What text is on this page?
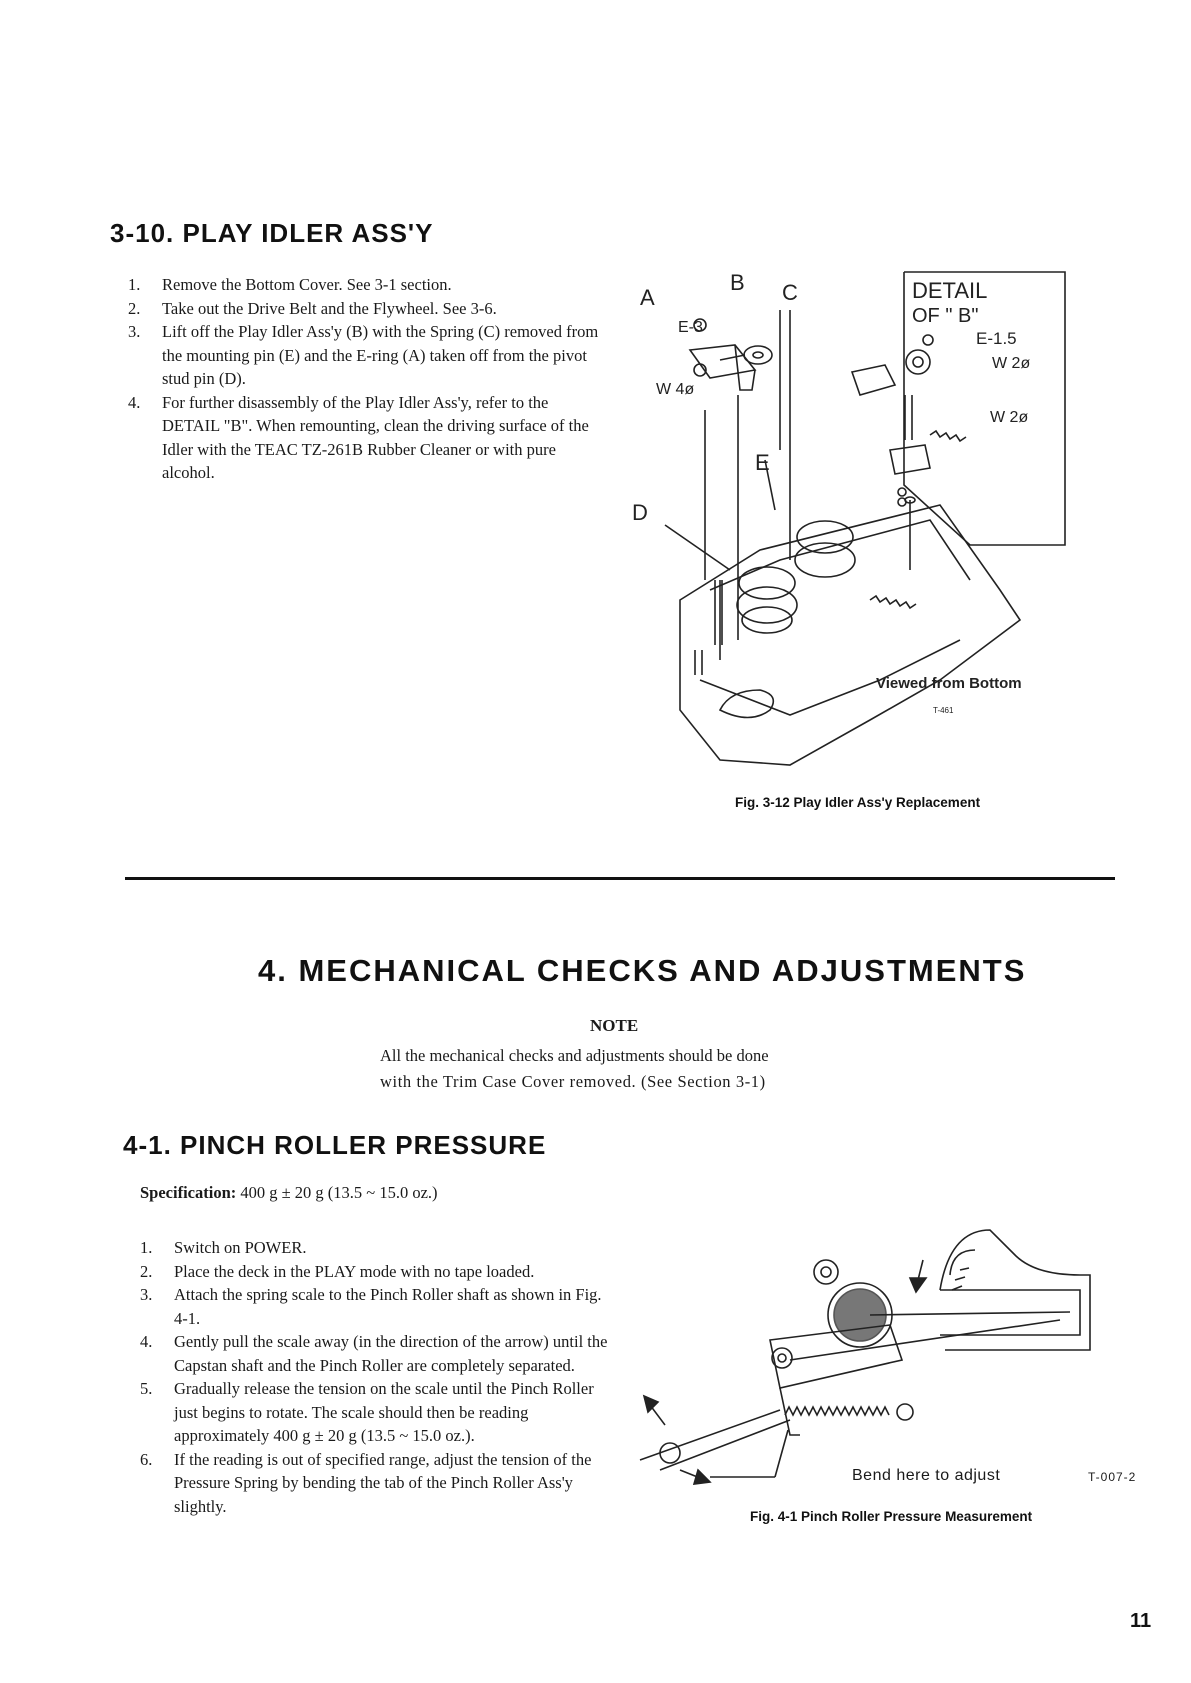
3-10. PLAY IDLER ASS'Y
1. Remove the Bottom Cover. See 3-1 section.
2. Take out the Drive Belt and the Flywheel. See 3-6.
3. Lift off the Play Idler Ass'y (B) with the Spring (C) removed from the mounting pin (E) and the E-ring (A) taken off from the pivot stud pin (D).
4. For further disassembly of the Play Idler Ass'y, refer to the DETAIL "B". When remounting, clean the driving surface of the Idler with the TEAC TZ-261B Rubber Cleaner or with pure alcohol.
A
B C
D
E
E-3
W 4ø
DETAIL
OF " B"
E-1.5
W 2ø
W 2ø
Viewed from Bottom
T-461
Fig. 3-12 Play Idler Ass'y Replacement
4. MECHANICAL CHECKS AND ADJUSTMENTS
NOTE
All the mechanical checks and adjustments should be done
with the Trim Case Cover removed. (See Section 3-1)
4-1. PINCH ROLLER PRESSURE
Specification: 400 g ± 20 g (13.5 ~ 15.0 oz.)
1. Switch on POWER.
2. Place the deck in the PLAY mode with no tape loaded.
3. Attach the spring scale to the Pinch Roller shaft as shown in Fig. 4-1.
4. Gently pull the scale away (in the direction of the arrow) until the Capstan shaft and the Pinch Roller are completely separated.
5. Gradually release the tension on the scale until the Pinch Roller just begins to rotate. The scale should then be reading approximately 400 g ± 20 g (13.5 ~ 15.0 oz.).
6. If the reading is out of specified range, adjust the tension of the Pressure Spring by bending the tab of the Pinch Roller Ass'y slightly.
Bend here to adjust	T-007-2
Fig. 4-1 Pinch Roller Pressure Measurement
11
